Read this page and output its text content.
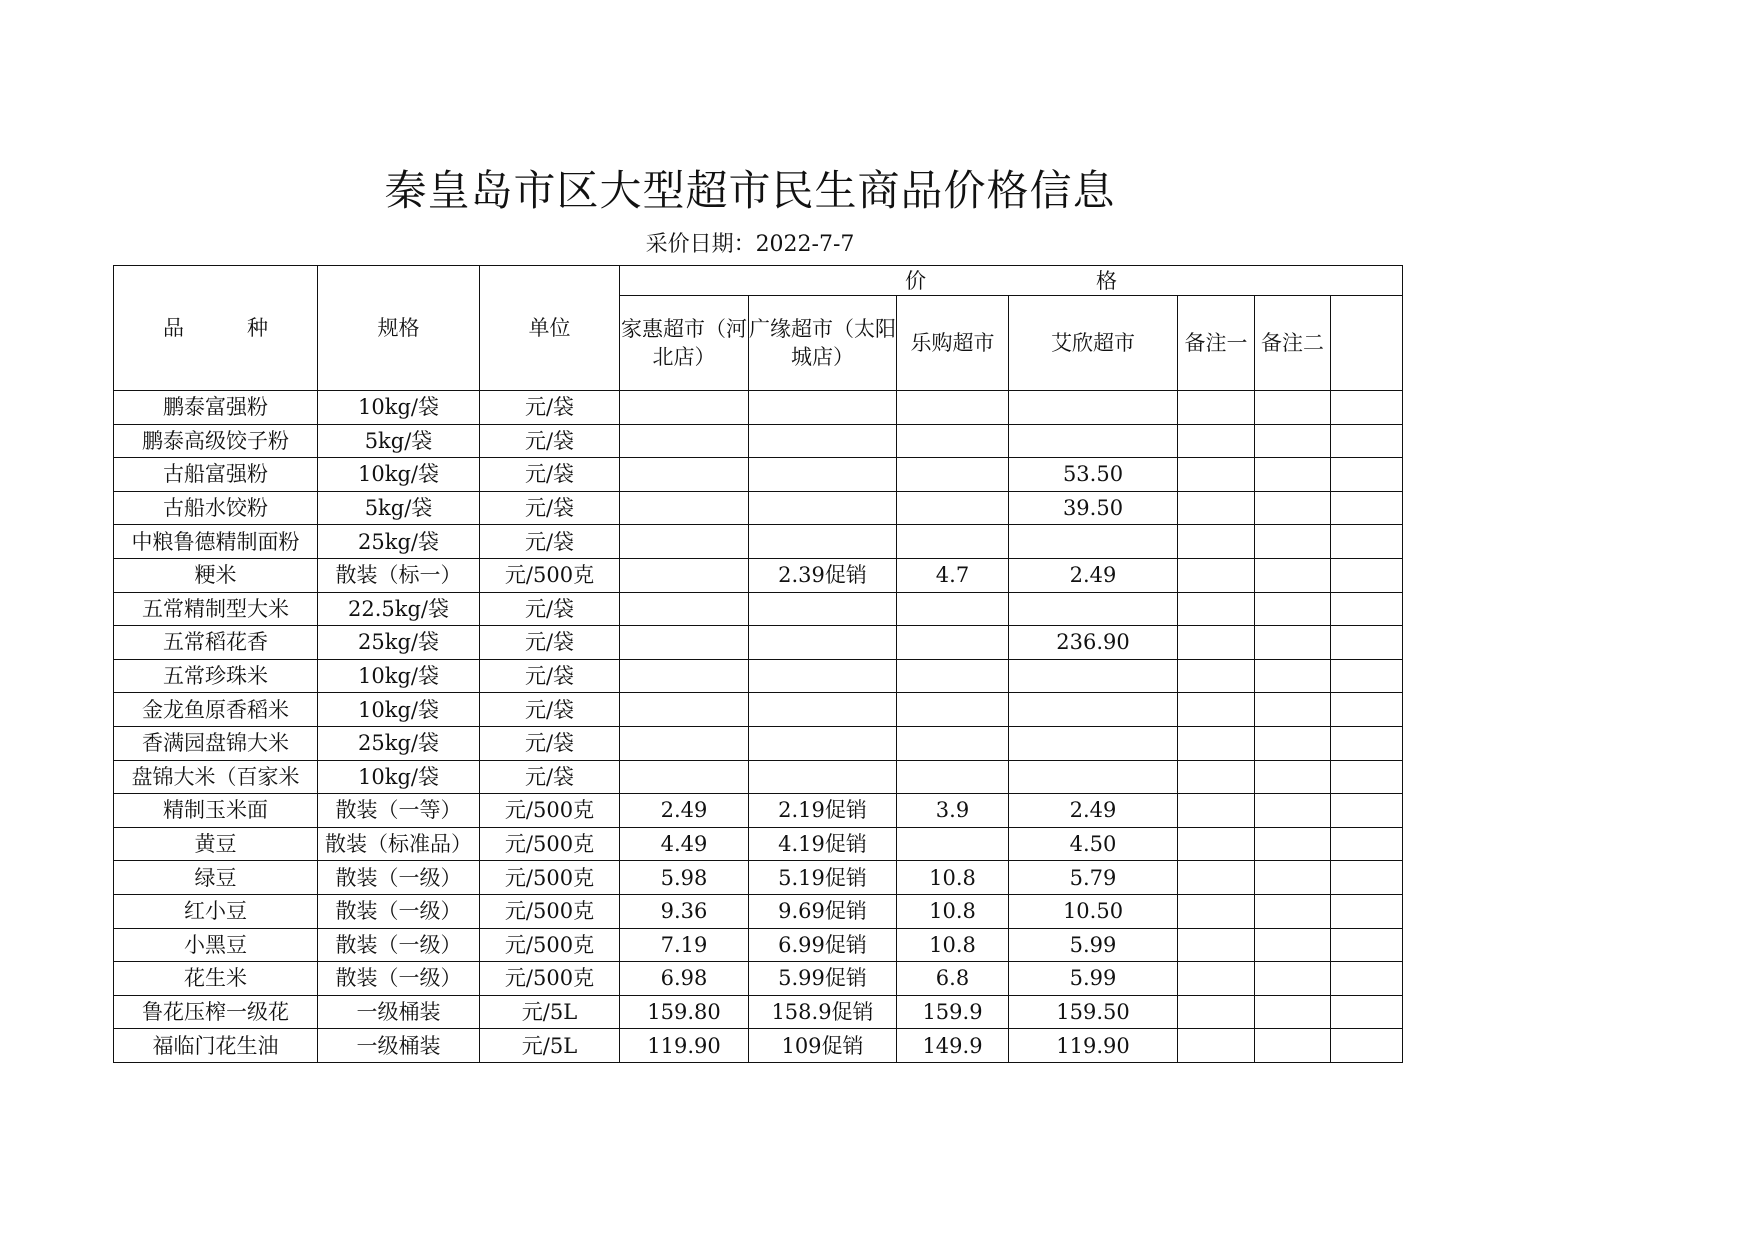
秦皇岛市区大型超市民生商品价格信息
采价日期：2022-7-7
品　　　种	规格	单位	价 格						
			家惠超市（河北店）	广缘超市（太阳城店）	乐购超市	艾欣超市	备注一	备注二	
鹏泰富强粉	10kg/袋	元/袋							
鹏泰高级饺子粉	5kg/袋	元/袋							
古船富强粉	10kg/袋	元/袋				53.50			
古船水饺粉	5kg/袋	元/袋				39.50			
中粮鲁德精制面粉	25kg/袋	元/袋							
粳米	散装（标一）	元/500克		2.39促销	4.7	2.49			
五常精制型大米	22.5kg/袋	元/袋							
五常稻花香	25kg/袋	元/袋				236.90			
五常珍珠米	10kg/袋	元/袋							
金龙鱼原香稻米	10kg/袋	元/袋							
香满园盘锦大米	25kg/袋	元/袋							
盘锦大米（百家米	10kg/袋	元/袋							
精制玉米面	散装（一等）	元/500克	2.49	2.19促销	3.9	2.49			
黄豆	散装（标准品）	元/500克	4.49	4.19促销		4.50			
绿豆	散装（一级）	元/500克	5.98	5.19促销	10.8	5.79			
红小豆	散装（一级）	元/500克	9.36	9.69促销	10.8	10.50			
小黑豆	散装（一级）	元/500克	7.19	6.99促销	10.8	5.99			
花生米	散装（一级）	元/500克	6.98	5.99促销	6.8	5.99			
鲁花压榨一级花	一级桶装	元/5L	159.80	158.9促销	159.9	159.50			
福临门花生油	一级桶装	元/5L	119.90	109促销	149.9	119.90			
